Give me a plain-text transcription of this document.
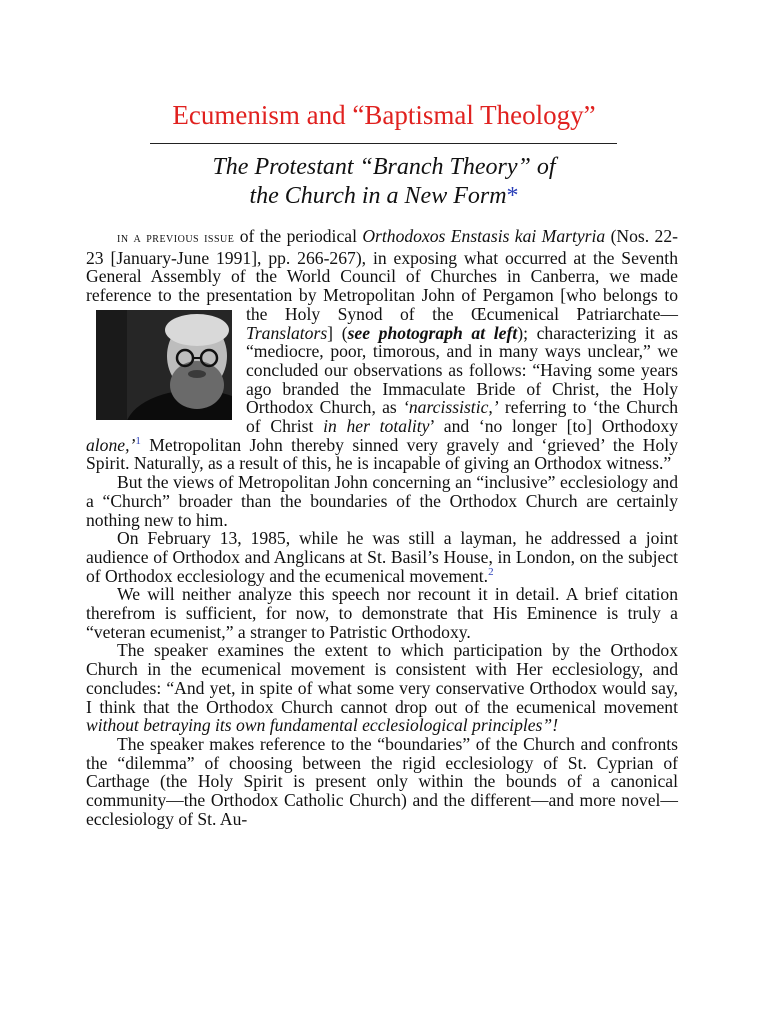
Ecumenism and “Baptismal Theology”
The Protestant “Branch Theory” of
the Church in a New Form*

in a previous issue of the periodical Orthodoxos Enstasis kai Martyria (Nos. 22-23 [January-June 1991], pp. 266-267), in exposing what occurred at the Seventh General Assembly of the World Council of Churches in Canberra, we made reference to the presentation by Metropolitan John of Pergamon [who belongs to the Holy Synod of the Œcumenical Patriarchate—
Translators] (see photograph at left); characterizing it as “mediocre, poor, timorous, and in many ways unclear,” we concluded our observations as follows: “Having some years ago branded the Immaculate Bride of Christ, the Holy Orthodox Church, as ‘narcissistic,’ referring to ‘the Church of Christ in her totality’ and ‘no longer [to] Orthodoxy alone,’$^1$ Metropolitan John thereby sinned very gravely and ‘grieved’ the Holy Spirit. Naturally, as a result of this, he is incapable of giving an Orthodox witness.”

But the views of Metropolitan John concerning an “inclusive” ecclesiology and a “Church” broader than the boundaries of the Orthodox Church are certainly nothing new to him.

On February 13, 1985, while he was still a layman, he addressed a joint audience of Orthodox and Anglicans at St. Basil’s House, in London, on the subject of Orthodox ecclesiology and the ecumenical movement.$^2$

We will neither analyze this speech nor recount it in detail. A brief citation therefrom is sufficient, for now, to demonstrate that His Eminence is truly a “veteran ecumenist,” a stranger to Patristic Orthodoxy.

The speaker examines the extent to which participation by the Orthodox Church in the ecumenical movement is consistent with Her ecclesiology, and concludes: “And yet, in spite of what some very conservative Orthodox would say, I think that the Orthodox Church cannot drop out of the ecumenical movement without betraying its own fundamental ecclesiological principles”!

The speaker makes reference to the “boundaries” of the Church and confronts the “dilemma” of choosing between the rigid ecclesiology of St. Cyprian of Carthage (the Holy Spirit is present only within the bounds of a canonical community—the Orthodox Catholic Church) and the different—and more novel—ecclesiology of St. Au-
